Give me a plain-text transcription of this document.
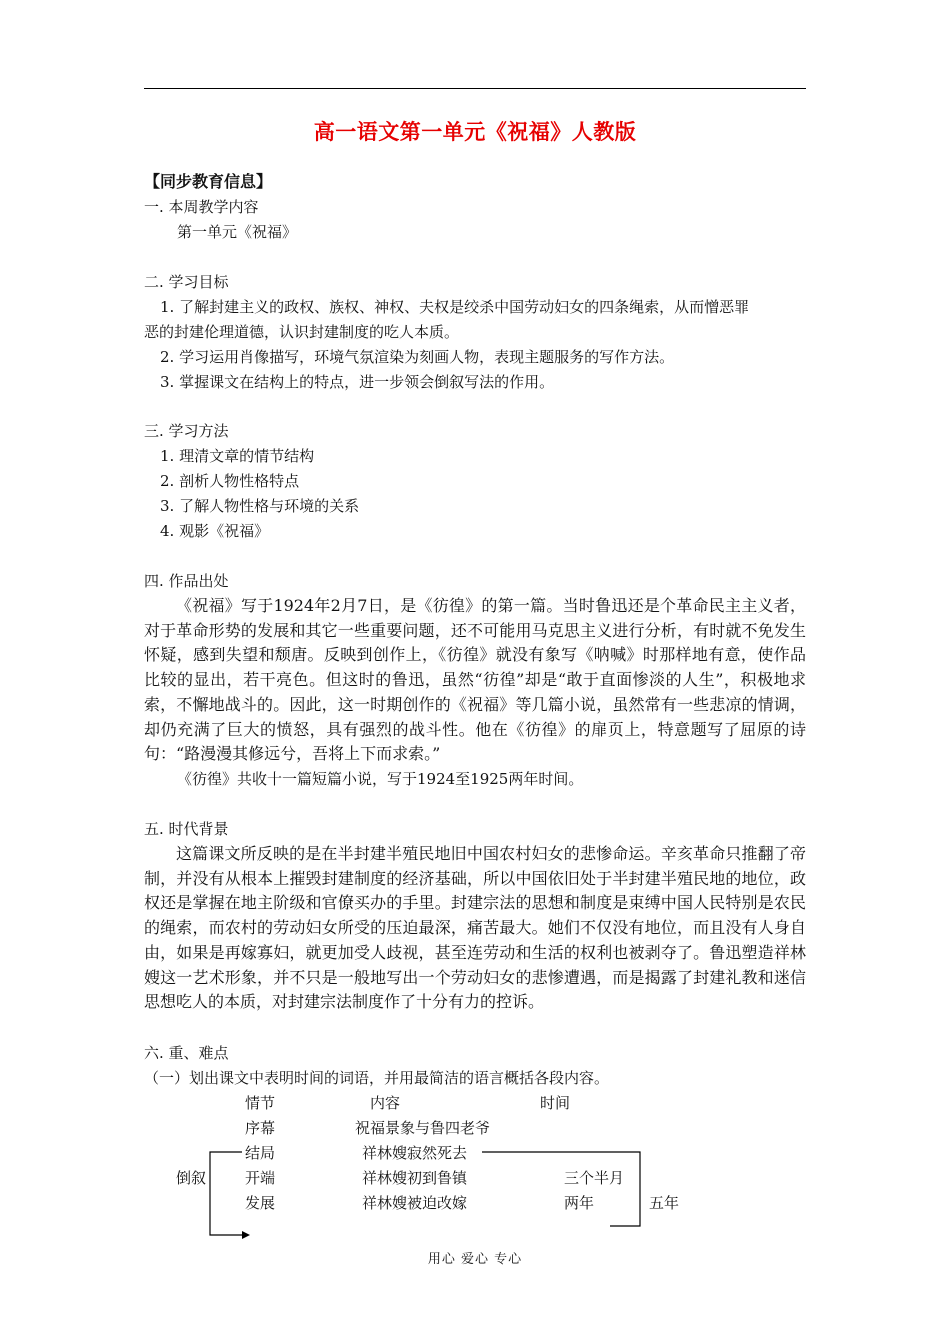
高一语文第一单元《祝福》人教版
【同步教育信息】
一. 本周教学内容
第一单元《祝福》
二. 学习目标
1. 了解封建主义的政权、族权、神权、夫权是绞杀中国劳动妇女的四条绳索，从而憎恶罪
恶的封建伦理道德，认识封建制度的吃人本质。
2. 学习运用肖像描写，环境气氛渲染为刻画人物，表现主题服务的写作方法。
3. 掌握课文在结构上的特点，进一步领会倒叙写法的作用。
三. 学习方法
1. 理清文章的情节结构
2. 剖析人物性格特点
3. 了解人物性格与环境的关系
4. 观影《祝福》
四. 作品出处
《祝福》写于1924年2月7日，是《彷徨》的第一篇。当时鲁迅还是个革命民主主义者，对于革命形势的发展和其它一些重要问题，还不可能用马克思主义进行分析，有时就不免发生怀疑，感到失望和颓唐。反映到创作上，《彷徨》就没有象写《呐喊》时那样地有意，使作品比较的显出，若干亮色。但这时的鲁迅，虽然“彷徨”却是“敢于直面惨淡的人生”，积极地求索，不懈地战斗的。因此，这一时期创作的《祝福》等几篇小说，虽然常有一些悲凉的情调，却仍充满了巨大的愤怒，具有强烈的战斗性。他在《彷徨》的扉页上，特意题写了屈原的诗句：“路漫漫其修远兮，吾将上下而求索。”
《彷徨》共收十一篇短篇小说，写于1924至1925两年时间。
五. 时代背景
这篇课文所反映的是在半封建半殖民地旧中国农村妇女的悲惨命运。辛亥革命只推翻了帝制，并没有从根本上摧毁封建制度的经济基础，所以中国依旧处于半封建半殖民地的地位，政权还是掌握在地主阶级和官僚买办的手里。封建宗法的思想和制度是束缚中国人民特别是农民的绳索，而农村的劳动妇女所受的压迫最深，痛苦最大。她们不仅没有地位，而且没有人身自由，如果是再嫁寡妇，就更加受人歧视，甚至连劳动和生活的权利也被剥夺了。鲁迅塑造祥林嫂这一艺术形象，并不只是一般地写出一个劳动妇女的悲惨遭遇，而是揭露了封建礼教和迷信思想吃人的本质，对封建宗法制度作了十分有力的控诉。
六. 重、难点
（一）划出课文中表明时间的词语，并用最简洁的语言概括各段内容。
情节	内容	时间
序幕	祝福景象与鲁四老爷
结局	祥林嫂寂然死去
开端	祥林嫂初到鲁镇	三个半月
发展	祥林嫂被迫改嫁	两年
倒叙
五年
用心 爱心 专心
